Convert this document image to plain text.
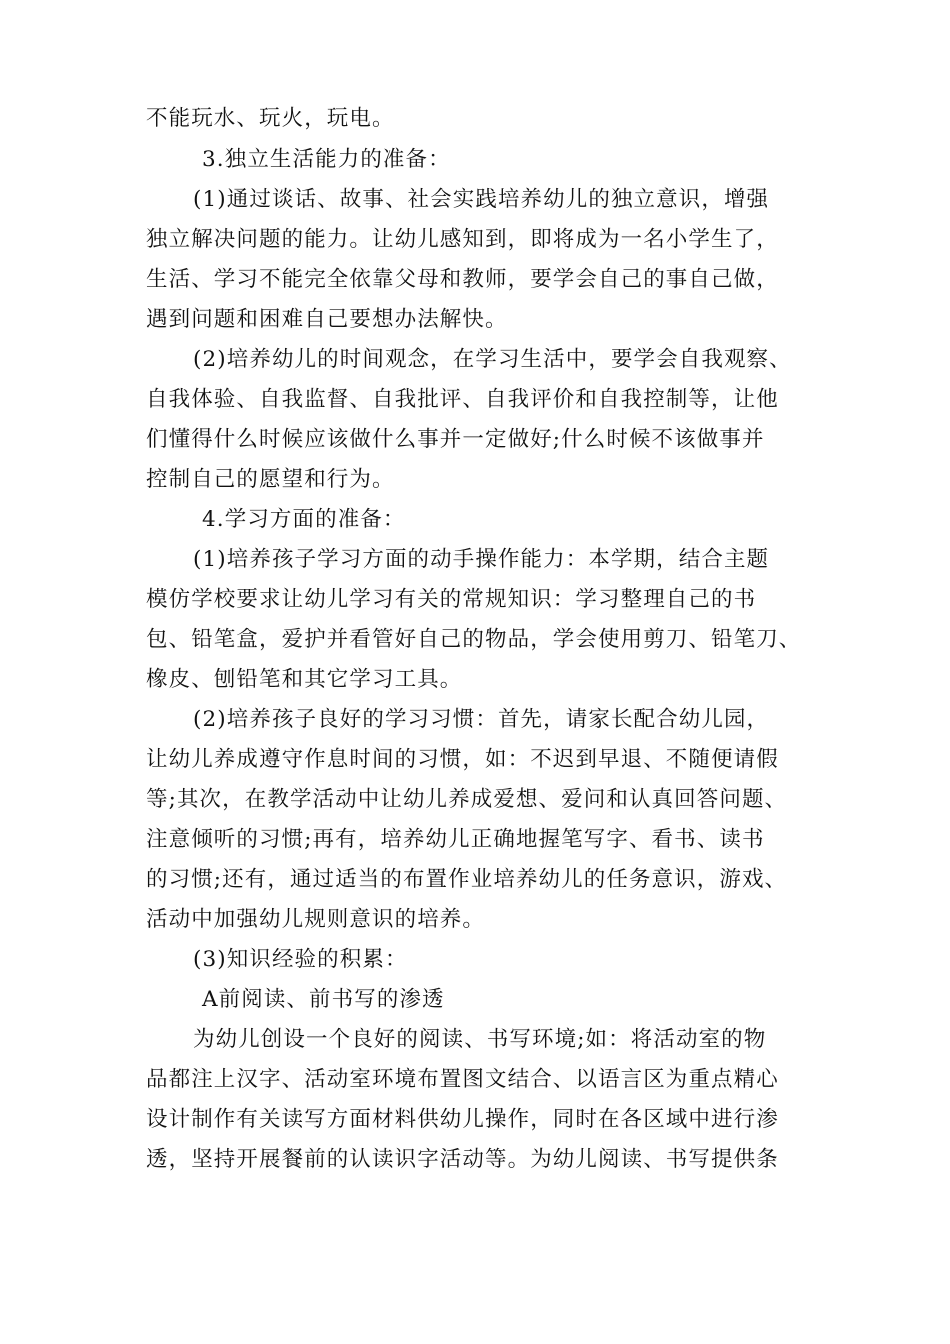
不能玩水、玩火，玩电。
3.独立生活能力的准备：
(1)通过谈话、故事、社会实践培养幼儿的独立意识，增强
独立解决问题的能力。让幼儿感知到，即将成为一名小学生了，
生活、学习不能完全依靠父母和教师，要学会自己的事自己做，
遇到问题和困难自己要想办法解快。
(2)培养幼儿的时间观念，在学习生活中，要学会自我观察、
自我体验、自我监督、自我批评、自我评价和自我控制等，让他
们懂得什么时候应该做什么事并一定做好;什么时候不该做事并
控制自己的愿望和行为。
4.学习方面的准备：
(1)培养孩子学习方面的动手操作能力：本学期，结合主题
模仿学校要求让幼儿学习有关的常规知识：学习整理自己的书
包、铅笔盒，爱护并看管好自己的物品，学会使用剪刀、铅笔刀、
橡皮、刨铅笔和其它学习工具。
(2)培养孩子良好的学习习惯：首先，请家长配合幼儿园，
让幼儿养成遵守作息时间的习惯，如：不迟到早退、不随便请假
等;其次，在教学活动中让幼儿养成爱想、爱问和认真回答问题、
注意倾听的习惯;再有，培养幼儿正确地握笔写字、看书、读书
的习惯;还有，通过适当的布置作业培养幼儿的任务意识，游戏、
活动中加强幼儿规则意识的培养。
(3)知识经验的积累：
A前阅读、前书写的渗透
为幼儿创设一个良好的阅读、书写环境;如：将活动室的物
品都注上汉字、活动室环境布置图文结合、以语言区为重点精心
设计制作有关读写方面材料供幼儿操作，同时在各区域中进行渗
透，坚持开展餐前的认读识字活动等。为幼儿阅读、书写提供条
